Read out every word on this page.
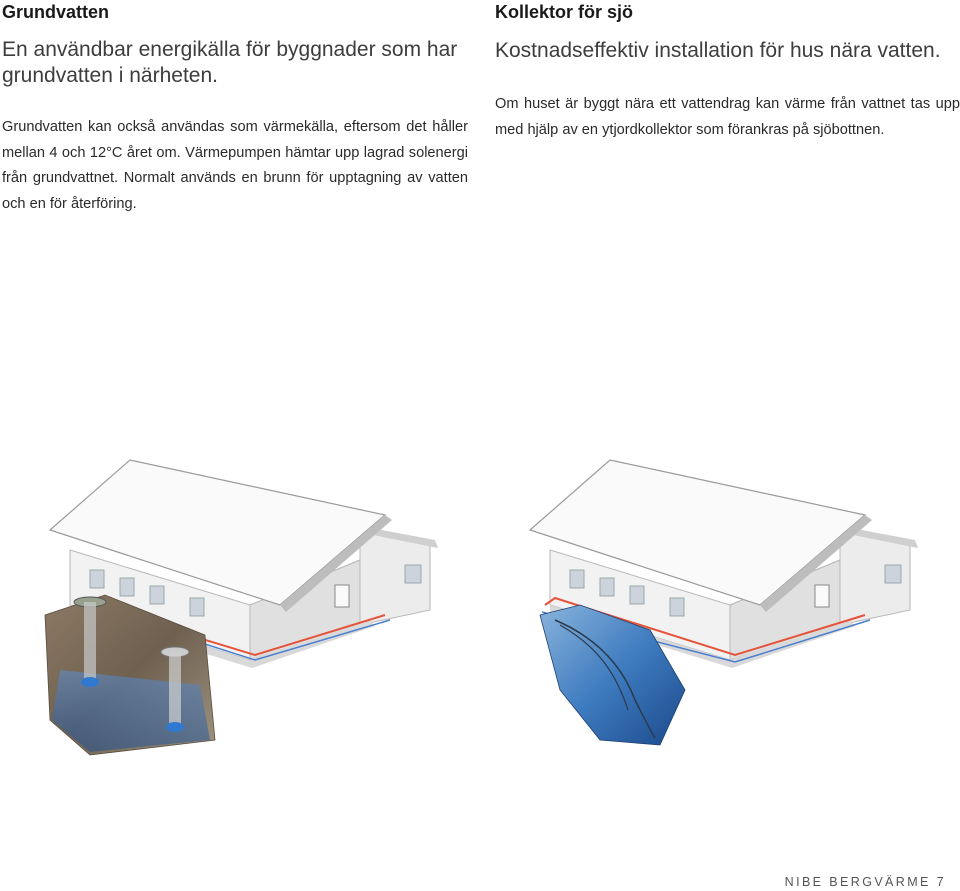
Grundvatten

En användbar energikälla för byggnader som har grundvatten i närheten.

Grundvatten kan också användas som värmekälla, eftersom det håller mellan 4 och 12°C året om. Värmepumpen hämtar upp lagrad solenergi från grundvattnet. Normalt används en brunn för upptagning av vatten och en för återföring.

Kollektor för sjö

Kostnadseffektiv installation för hus nära vatten.

Om huset är byggt nära ett vattendrag kan värme från vattnet tas upp med hjälp av en ytjordkollektor som förankras på sjöbottnen.

NIBE BERGVÄRME 7
